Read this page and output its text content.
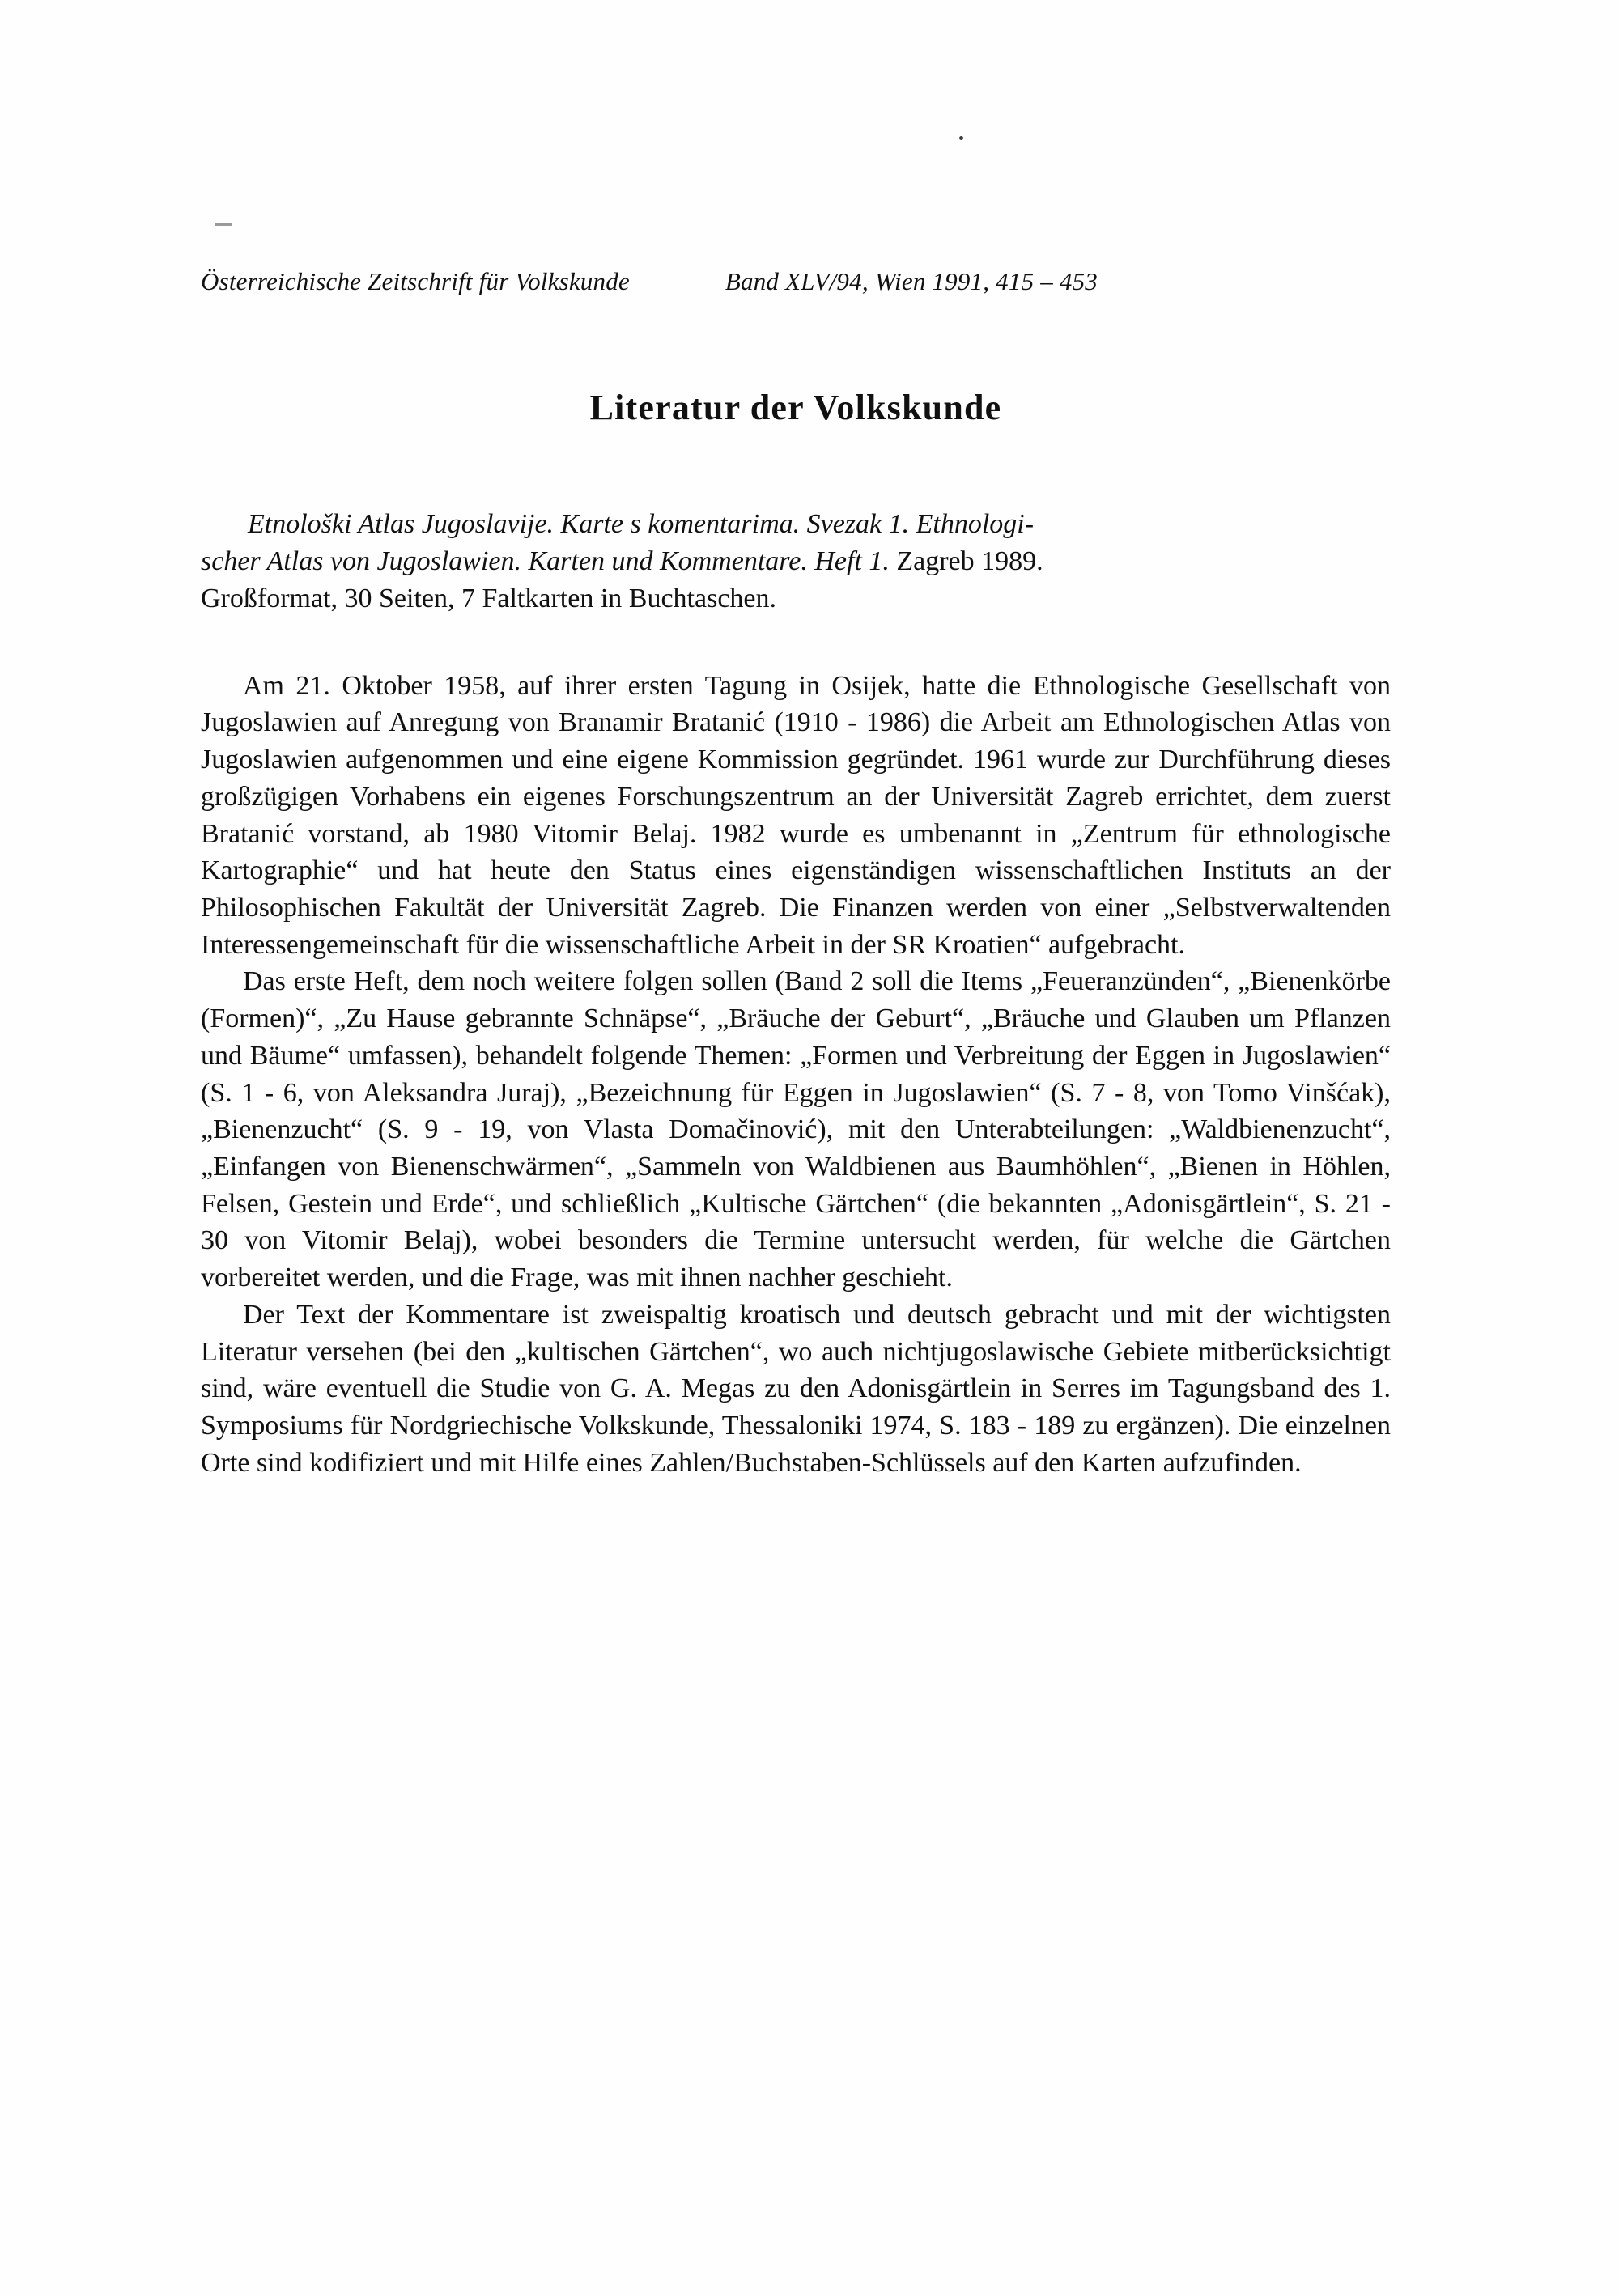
Österreichische Zeitschrift für Volkskunde	Band XLV/94, Wien 1991, 415 – 453
Literatur der Volkskunde
Etnološki Atlas Jugoslavije. Karte s komentarima. Svezak 1. Ethnologi-
scher Atlas von Jugoslawien. Karten und Kommentare. Heft 1. Zagreb 1989.
Großformat, 30 Seiten, 7 Faltkarten in Buchtaschen.

Am 21. Oktober 1958, auf ihrer ersten Tagung in Osijek, hatte die Ethnologische Gesellschaft von Jugoslawien auf Anregung von Branamir Bratanić (1910 - 1986) die Arbeit am Ethnologischen Atlas von Jugoslawien aufgenommen und eine eigene Kommission gegründet. 1961 wurde zur Durchführung dieses großzügigen Vorhabens ein eigenes Forschungszentrum an der Universität Zagreb errichtet, dem zuerst Bratanić vorstand, ab 1980 Vitomir Belaj. 1982 wurde es umbenannt in „Zentrum für ethnologische Kartographie“ und hat heute den Status eines eigenständigen wissenschaftlichen Instituts an der Philosophischen Fakultät der Universität Zagreb. Die Finanzen werden von einer „Selbstverwaltenden Interessengemeinschaft für die wissenschaftliche Arbeit in der SR Kroatien“ aufgebracht.

Das erste Heft, dem noch weitere folgen sollen (Band 2 soll die Items „Feueranzünden“, „Bienenkörbe (Formen)“, „Zu Hause gebrannte Schnäpse“, „Bräuche der Geburt“, „Bräuche und Glauben um Pflanzen und Bäume“ umfassen), behandelt folgende Themen: „Formen und Verbreitung der Eggen in Jugoslawien“ (S. 1 - 6, von Aleksandra Juraj), „Bezeichnung für Eggen in Jugoslawien“ (S. 7 - 8, von Tomo Vinšćak), „Bienenzucht“ (S. 9 - 19, von Vlasta Domačinović), mit den Unterabteilungen: „Waldbienenzucht“, „Einfangen von Bienenschwärmen“, „Sammeln von Waldbienen aus Baumhöhlen“, „Bienen in Höhlen, Felsen, Gestein und Erde“, und schließlich „Kultische Gärtchen“ (die bekannten „Adonisgärtlein“, S. 21 - 30 von Vitomir Belaj), wobei besonders die Termine untersucht werden, für welche die Gärtchen vorbereitet werden, und die Frage, was mit ihnen nachher geschieht.

Der Text der Kommentare ist zweispaltig kroatisch und deutsch gebracht und mit der wichtigsten Literatur versehen (bei den „kultischen Gärtchen“, wo auch nichtjugoslawische Gebiete mitberücksichtigt sind, wäre eventuell die Studie von G. A. Megas zu den Adonisgärtlein in Serres im Tagungsband des 1. Symposiums für Nordgriechische Volkskunde, Thessaloniki 1974, S. 183 - 189 zu ergänzen). Die einzelnen Orte sind kodifiziert und mit Hilfe eines Zahlen/Buchstaben-Schlüssels auf den Karten aufzufinden.
